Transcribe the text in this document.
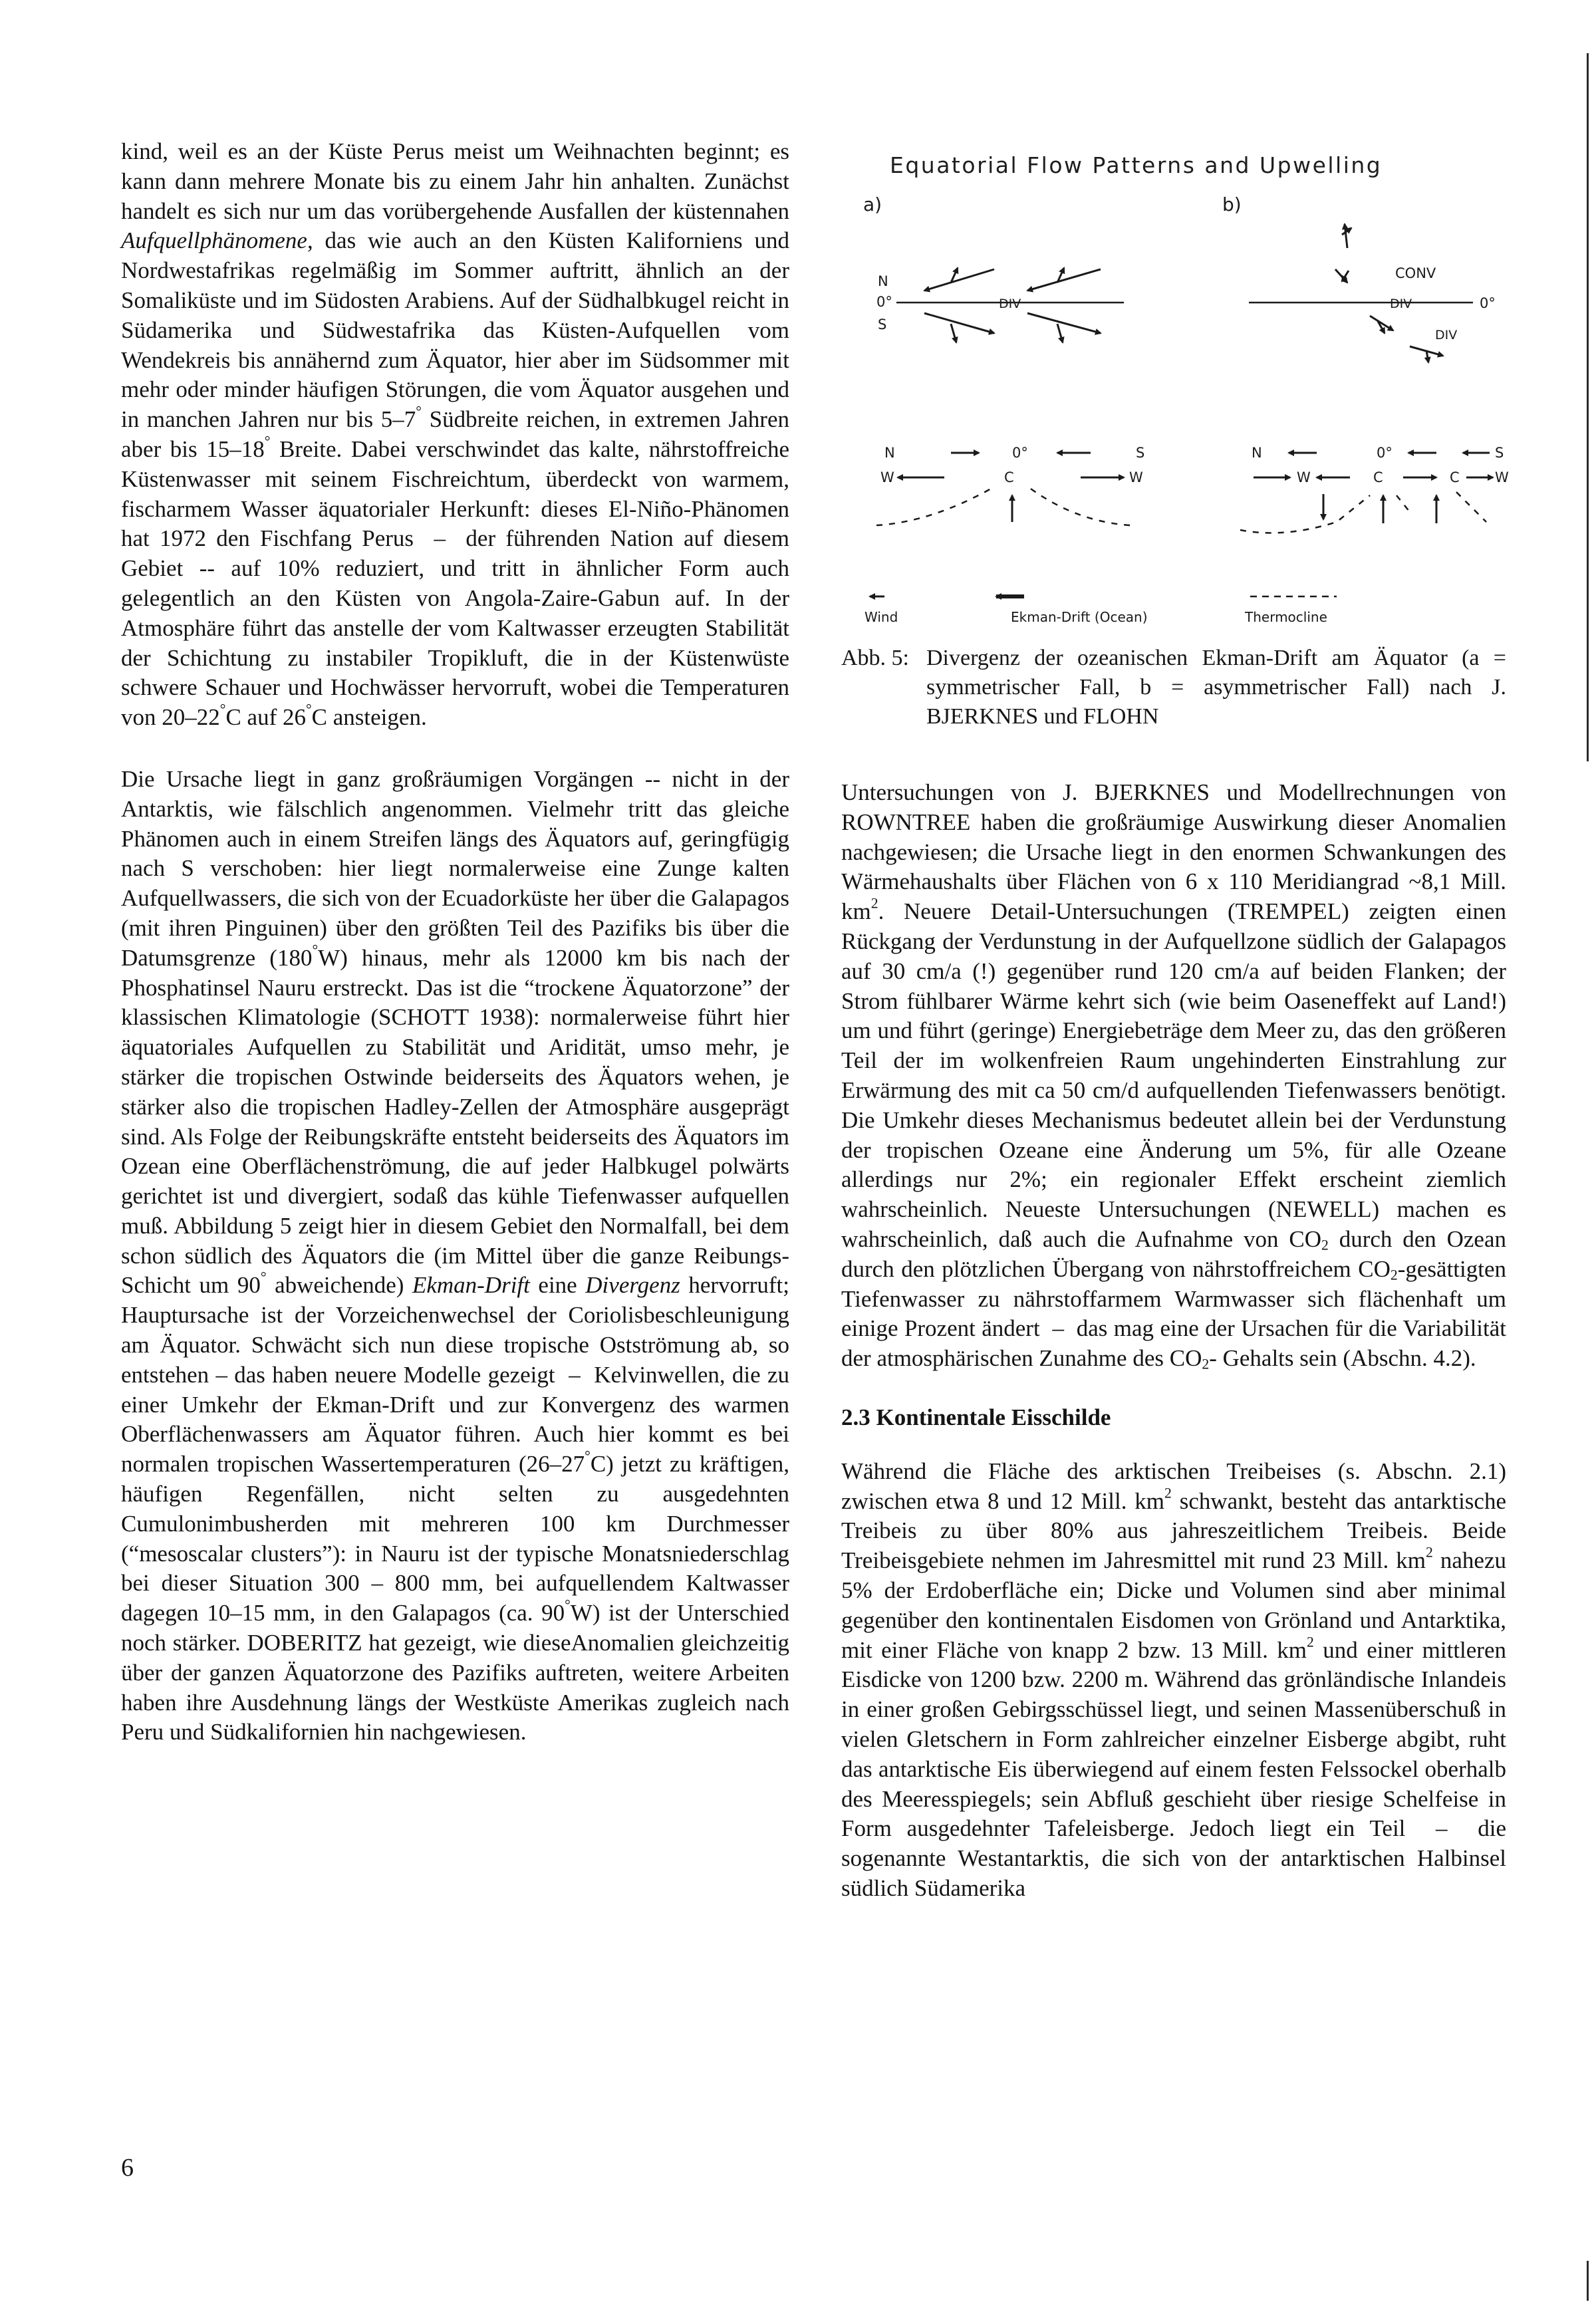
kind, weil es an der Küste Perus meist um Weihnachten beginnt; es kann dann mehrere Monate bis zu einem Jahr hin anhalten. Zunächst handelt es sich nur um das vorübergehende Ausfallen der küstennahen Aufquellphänomene, das wie auch an den Küsten Kaliforniens und Nordwestafrikas regelmäßig im Sommer auftritt, ähnlich an der Somaliküste und im Südosten Arabiens. Auf der Südhalbkugel reicht in Südamerika und Südwestafrika das Küsten-Aufquellen vom Wendekreis bis annähernd zum Äquator, hier aber im Südsommer mit mehr oder minder häufigen Störungen, die vom Äquator ausgehen und in manchen Jahren nur bis 5–7° Südbreite reichen, in extremen Jahren aber bis 15–18° Breite. Dabei verschwindet das kalte, nährstoffreiche Küstenwasser mit seinem Fischreichtum, überdeckt von warmem, fischarmem Wasser äquatorialer Herkunft: dieses El-Niño-Phänomen hat 1972 den Fischfang Perus  –  der führenden Nation auf diesem Gebiet -- auf 10% reduziert, und tritt in ähnlicher Form auch gelegentlich an den Küsten von Angola-Zaire-Gabun auf. In der Atmosphäre führt das anstelle der vom Kaltwasser erzeugten Stabilität der Schichtung zu instabiler Tropikluft, die in der Küstenwüste schwere Schauer und Hochwässer hervorruft, wobei die Temperaturen von 20–22°C auf 26°C ansteigen.

Die Ursache liegt in ganz großräumigen Vorgängen -- nicht in der Antarktis, wie fälschlich angenommen. Vielmehr tritt das gleiche Phänomen auch in einem Streifen längs des Äquators auf, geringfügig nach S verschoben: hier liegt normalerweise eine Zunge kalten Aufquellwassers, die sich von der Ecuadorküste her über die Galapagos (mit ihren Pinguinen) über den größten Teil des Pazifiks bis über die Datumsgrenze (180°W) hinaus, mehr als 12000 km bis nach der Phosphatinsel Nauru erstreckt. Das ist die “trockene Äquatorzone” der klassischen Klimatologie (SCHOTT 1938): normalerweise führt hier äquatoriales Aufquellen zu Stabilität und Aridität, umso mehr, je stärker die tropischen Ostwinde beiderseits des Äquators wehen, je stärker also die tropischen Hadley-Zellen der Atmosphäre ausgeprägt sind. Als Folge der Reibungskräfte entsteht beiderseits des Äquators im Ozean eine Oberflächenströmung, die auf jeder Halbkugel polwärts gerichtet ist und divergiert, sodaß das kühle Tiefenwasser aufquellen muß. Abbildung 5 zeigt hier in diesem Gebiet den Normalfall, bei dem schon südlich des Äquators die (im Mittel über die ganze Reibungs-Schicht um 90° abweichende) Ekman-Drift eine Divergenz hervorruft; Hauptursache ist der Vorzeichenwechsel der Coriolisbeschleunigung am Äquator. Schwächt sich nun diese tropische Ostströmung ab, so entstehen – das haben neuere Modelle gezeigt  –  Kelvinwellen, die zu einer Umkehr der Ekman-Drift und zur Konvergenz des warmen Oberflächenwassers am Äquator führen. Auch hier kommt es bei normalen tropischen Wassertemperaturen (26–27°C) jetzt zu kräftigen, häufigen Regenfällen, nicht selten zu ausgedehnten Cumulonimbusherden mit mehreren 100 km Durchmesser (“mesoscalar clusters”): in Nauru ist der typische Monatsniederschlag bei dieser Situation 300 – 800 mm, bei aufquellendem Kaltwasser dagegen 10–15 mm, in den Galapagos (ca. 90°W) ist der Unterschied noch stärker. DOBERITZ hat gezeigt, wie dieseAnomalien gleichzeitig über der ganzen Äquatorzone des Pazifiks auftreten, weitere Arbeiten haben ihre Ausdehnung längs der Westküste Amerikas zugleich nach Peru und Südkalifornien hin nachgewiesen.

a)
N
0°
S
DIV
b)
0°
CONV
DIV
DIV
N	0°	S
W	W
C
N	0°	S
W	W
C	C
Wind	Ekman-Drift (Ocean)	Thermocline
Equatorial Flow Patterns and Upwelling
Abb. 5: Divergenz der ozeanischen Ekman-Drift am Äquator (a = symmetrischer Fall, b = asymmetrischer Fall) nach J. BJERKNES und FLOHN

Untersuchungen von J. BJERKNES und Modellrechnungen von ROWNTREE haben die großräumige Auswirkung dieser Anomalien nachgewiesen; die Ursache liegt in den enormen Schwankungen des Wärmehaushalts über Flächen von 6 x 110 Meridiangrad ~8,1 Mill. $km^2$. Neuere Detail-Untersuchungen (TREMPEL) zeigten einen Rückgang der Verdunstung in der Aufquellzone südlich der Galapagos auf 30 cm/a (!) gegenüber rund 120 cm/a auf beiden Flanken; der Strom fühlbarer Wärme kehrt sich (wie beim Oaseneffekt auf Land!) um und führt (geringe) Energiebeträge dem Meer zu, das den größeren Teil der im wolkenfreien Raum ungehinderten Einstrahlung zur Erwärmung des mit ca 50 cm/d aufquellenden Tiefenwassers benötigt. Die Umkehr dieses Mechanismus bedeutet allein bei der Verdunstung der tropischen Ozeane eine Änderung um 5%, für alle Ozeane allerdings nur 2%; ein regionaler Effekt erscheint ziemlich wahrscheinlich. Neueste Untersuchungen (NEWELL) machen es wahrscheinlich, daß auch die Aufnahme von $CO_2$ durch den Ozean durch den plötzlichen Übergang von nährstoffreichem $CO_2$-gesättigten Tiefenwasser zu nährstoffarmem Warmwasser sich flächenhaft um einige Prozent ändert  –  das mag eine der Ursachen für die Variabilität der atmosphärischen Zunahme des $CO_2-$ Gehalts sein (Abschn. 4.2).

2.3 Kontinentale Eisschilde

Während die Fläche des arktischen Treibeises (s. Abschn. 2.1) zwischen etwa 8 und 12 Mill. $km^2$ schwankt, besteht das antarktische Treibeis zu über 80% aus jahreszeitlichem Treibeis. Beide Treibeisgebiete nehmen im Jahresmittel mit rund 23 Mill. $km^2$ nahezu 5% der Erdoberfläche ein; Dicke und Volumen sind aber minimal gegenüber den kontinentalen Eisdomen von Grönland und Antarktika, mit einer Fläche von knapp 2 bzw. 13 Mill. $km^2$ und einer mittleren Eisdicke von 1200 bzw. 2200 m. Während das grönländische Inlandeis in einer großen Gebirgsschüssel liegt, und seinen Massenüberschuß in vielen Gletschern in Form zahlreicher einzelner Eisberge abgibt, ruht das antarktische Eis überwiegend auf einem festen Felssockel oberhalb des Meeresspiegels; sein Abfluß geschieht über riesige Schelfeise in Form ausgedehnter Tafeleisberge. Jedoch liegt ein Teil  –  die sogenannte Westantarktis, die sich von der antarktischen Halbinsel südlich Südamerika

6
